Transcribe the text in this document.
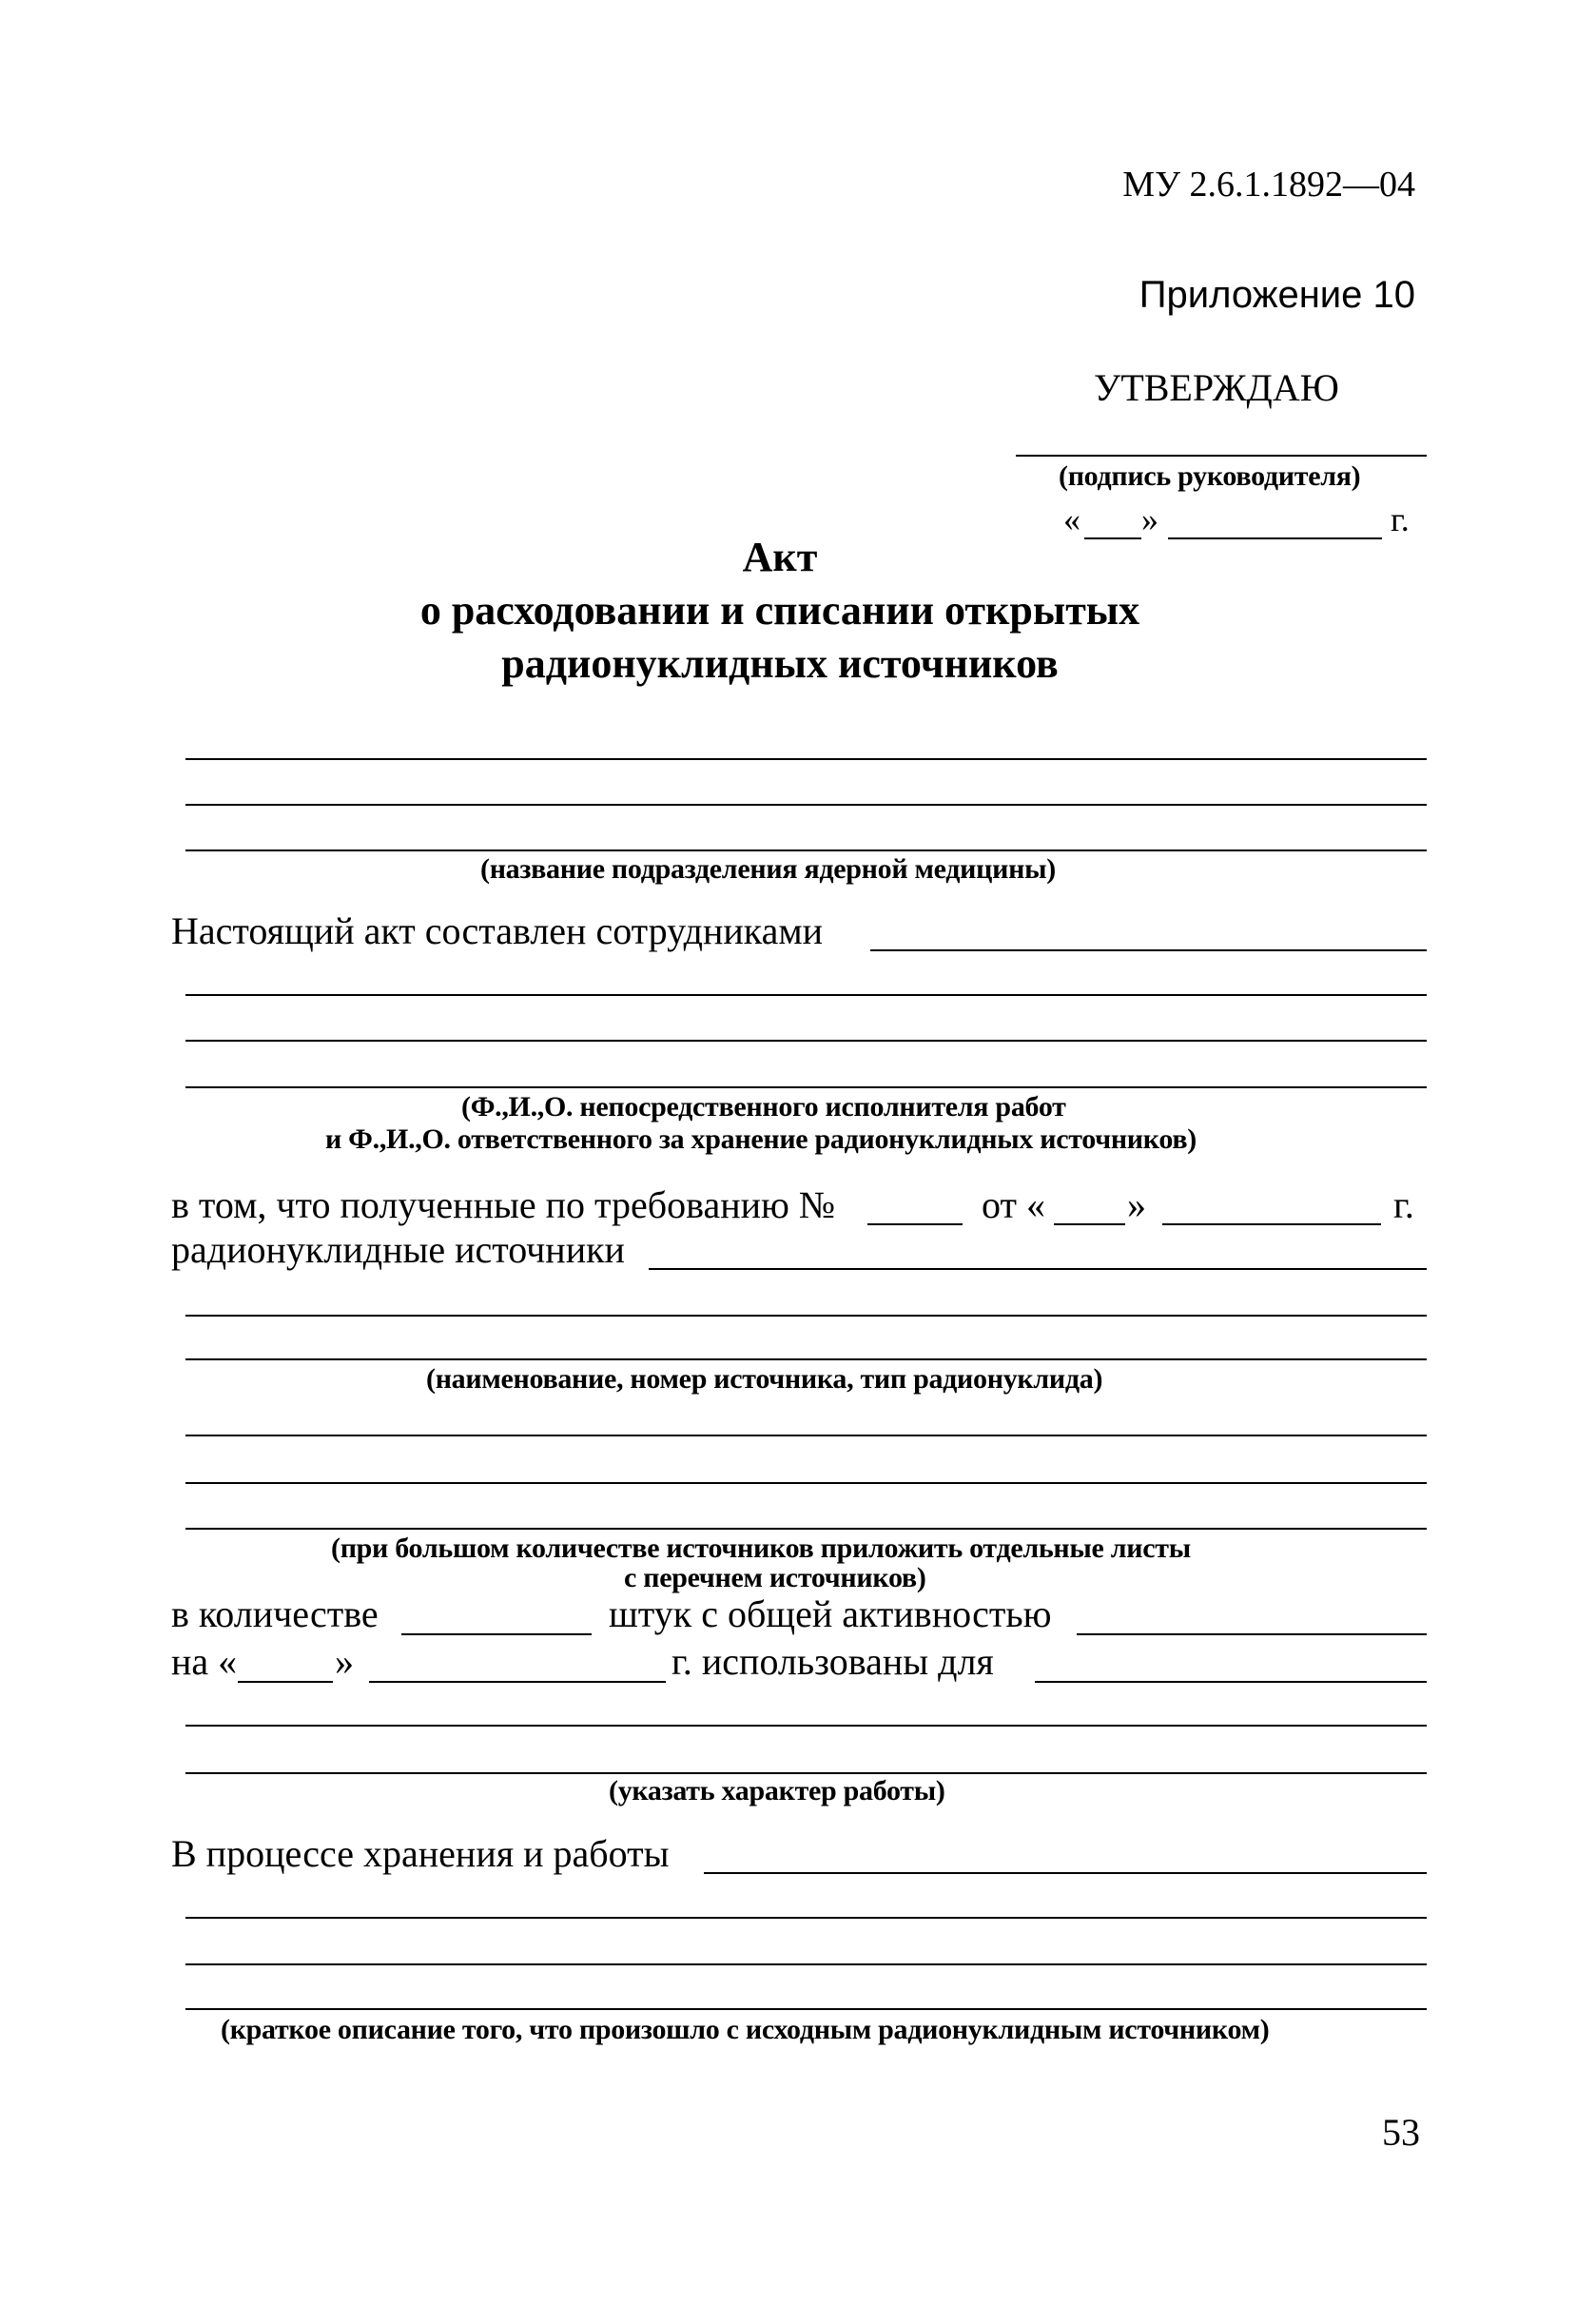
МУ 2.6.1.1892—04
Приложение 10
УТВЕРЖДАЮ
(подпись руководителя)
« »	г.
Акт
о расходовании и списании открытых
радионуклидных источников
(название подразделения ядерной медицины)
Настоящий акт составлен сотрудниками
(Ф.,И.,О. непосредственного исполнителя работ
и Ф.,И.,О. ответственного за хранение радионуклидных источников)
в том, что полученные по требованию №	от « »	г.
радионуклидные источники
(наименование, номер источника, тип радионуклида)
(при большом количестве источников приложить отдельные листы
с перечнем источников)
в количестве	штук с общей активностью
на «	»	г. использованы для
(указать характер работы)
В процессе хранения и работы
(краткое описание того, что произошло с исходным радионуклидным источником)
53
